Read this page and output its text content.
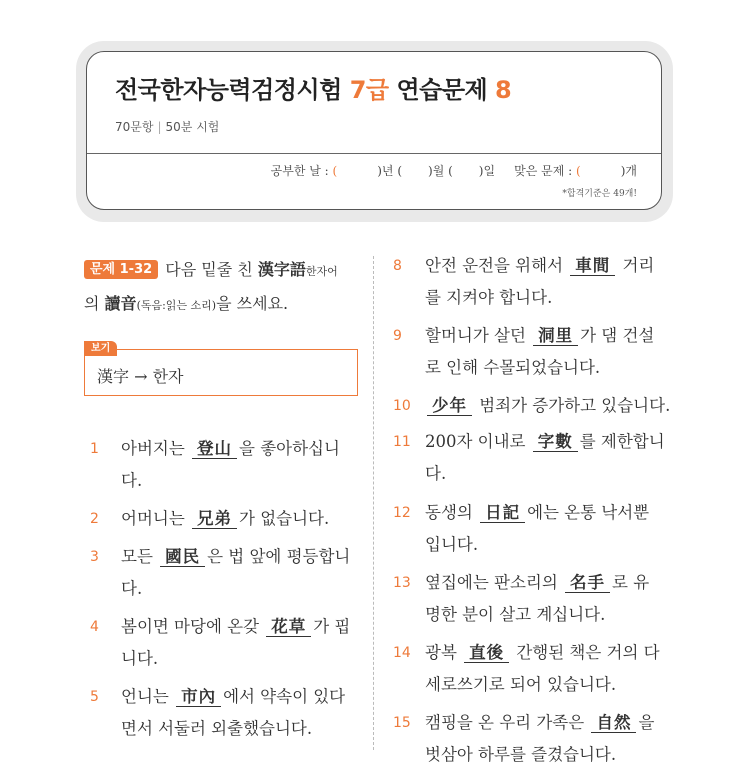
전국한자능력검정시험 7급 연습문제 8
70문항 | 50분 시험
공부한 날 : (	)년 ( )월 ( )일 맞은 문제 : (	)개
*합격기준은 49개!
문제 1-32 다음 밑줄 친 漢字語한자어
의 讀音(독음:읽는 소리)을 쓰세요.
漢字 → 한자
보기
1	아버지는 登山 을 좋아하십니
다.
2	어머니는 兄弟 가 없습니다.
3	모든 國民 은 법 앞에 평등합니
다.
4	봄이면 마당에 온갖 花草 가 핍
니다.
5	언니는 市內 에서 약속이 있다
면서 서둘러 외출했습니다.
8	안전 운전을 위해서 車間 거리
를 지켜야 합니다.
9	할머니가 살던 洞里 가 댐 건설
로 인해 수몰되었습니다.
10	少年 범죄가 증가하고 있습니다.
11 200자 이내로 字數 를 제한합니
다.
12 동생의 日記 에는 온통 낙서뿐
입니다.
13 옆집에는 판소리의 名手 로 유
명한 분이 살고 계십니다.
14 광복 直後 간행된 책은 거의 다
세로쓰기로 되어 있습니다.
15 캠핑을 온 우리 가족은 自然 을
벗삼아 하루를 즐겼습니다.
